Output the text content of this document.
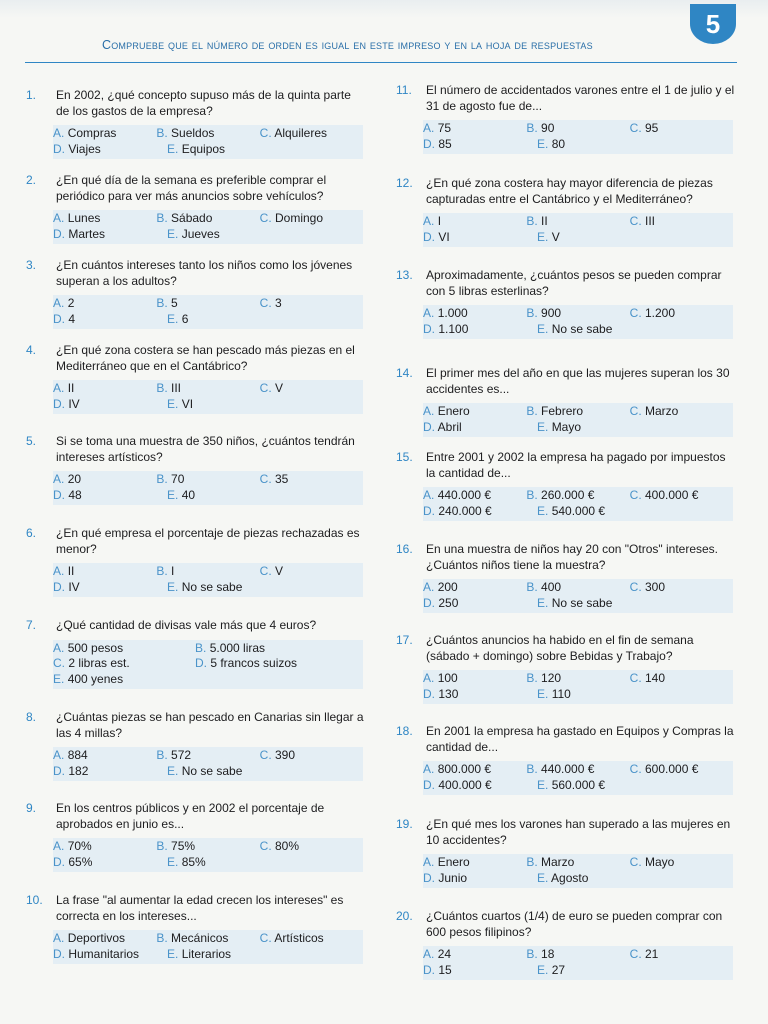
5
Compruebe que el número de orden es igual en este impreso y en la hoja de respuestas
1.	En 2002, ¿qué concepto supuso más de la quinta parte de los gastos de la empresa?
A. Compras	B. Sueldos	C. Alquileres
D. Viajes	E. Equipos
2.	¿En qué día de la semana es preferible comprar el periódico para ver más anuncios sobre vehículos?
A. Lunes	B. Sábado	C. Domingo
D. Martes	E. Jueves
3.	¿En cuántos intereses tanto los niños como los jóvenes superan a los adultos?
A. 2	B. 5	C. 3
D. 4	E. 6
4.	¿En qué zona costera se han pescado más piezas en el Mediterráneo que en el Cantábrico?
A. II	B. III	C. V
D. IV	E. VI
5.	Si se toma una muestra de 350 niños, ¿cuántos tendrán intereses artísticos?
A. 20	B. 70	C. 35
D. 48	E. 40
6.	¿En qué empresa el porcentaje de piezas rechazadas es menor?
A. II	B. I	C. V
D. IV	E. No se sabe
7.	¿Qué cantidad de divisas vale más que 4 euros?
A. 500 pesos	B. 5.000 liras
C. 2 libras est.	D. 5 francos suizos
E. 400 yenes
8.	¿Cuántas piezas se han pescado en Canarias sin llegar a las 4 millas?
A. 884	B. 572	C. 390
D. 182	E. No se sabe
9.	En los centros públicos y en 2002 el porcentaje de aprobados en junio es...
A. 70%	B. 75%	C. 80%
D. 65%	E. 85%
10.	La frase "al aumentar la edad crecen los intereses" es correcta en los intereses...
A. Deportivos	B. Mecánicos	C. Artísticos
D. Humanitarios	E. Literarios
11.	El número de accidentados varones entre el 1 de julio y el 31 de agosto fue de...
A. 75	B. 90	C. 95
D. 85	E. 80
12.	¿En qué zona costera hay mayor diferencia de piezas capturadas entre el Cantábrico y el Mediterráneo?
A. I	B. II	C. III
D. VI	E. V
13.	Aproximadamente, ¿cuántos pesos se pueden comprar con 5 libras esterlinas?
A. 1.000	B. 900	C. 1.200
D. 1.100	E. No se sabe
14.	El primer mes del año en que las mujeres superan los 30 accidentes es...
A. Enero	B. Febrero	C. Marzo
D. Abril	E. Mayo
15.	Entre 2001 y 2002 la empresa ha pagado por impuestos la cantidad de...
A. 440.000 €	B. 260.000 €	C. 400.000 €
D. 240.000 €	E. 540.000 €
16.	En una muestra de niños hay 20 con "Otros" intereses. ¿Cuántos niños tiene la muestra?
A. 200	B. 400	C. 300
D. 250	E. No se sabe
17.	¿Cuántos anuncios ha habido en el fin de semana (sábado + domingo) sobre Bebidas y Trabajo?
A. 100	B. 120	C. 140
D. 130	E. 110
18.	En 2001 la empresa ha gastado en Equipos y Compras la cantidad de...
A. 800.000 €	B. 440.000 €	C. 600.000 €
D. 400.000 €	E. 560.000 €
19.	¿En qué mes los varones han superado a las mujeres en 10 accidentes?
A. Enero	B. Marzo	C. Mayo
D. Junio	E. Agosto
20.	¿Cuántos cuartos (1/4) de euro se pueden comprar con 600 pesos filipinos?
A. 24	B. 18	C. 21
D. 15	E. 27
